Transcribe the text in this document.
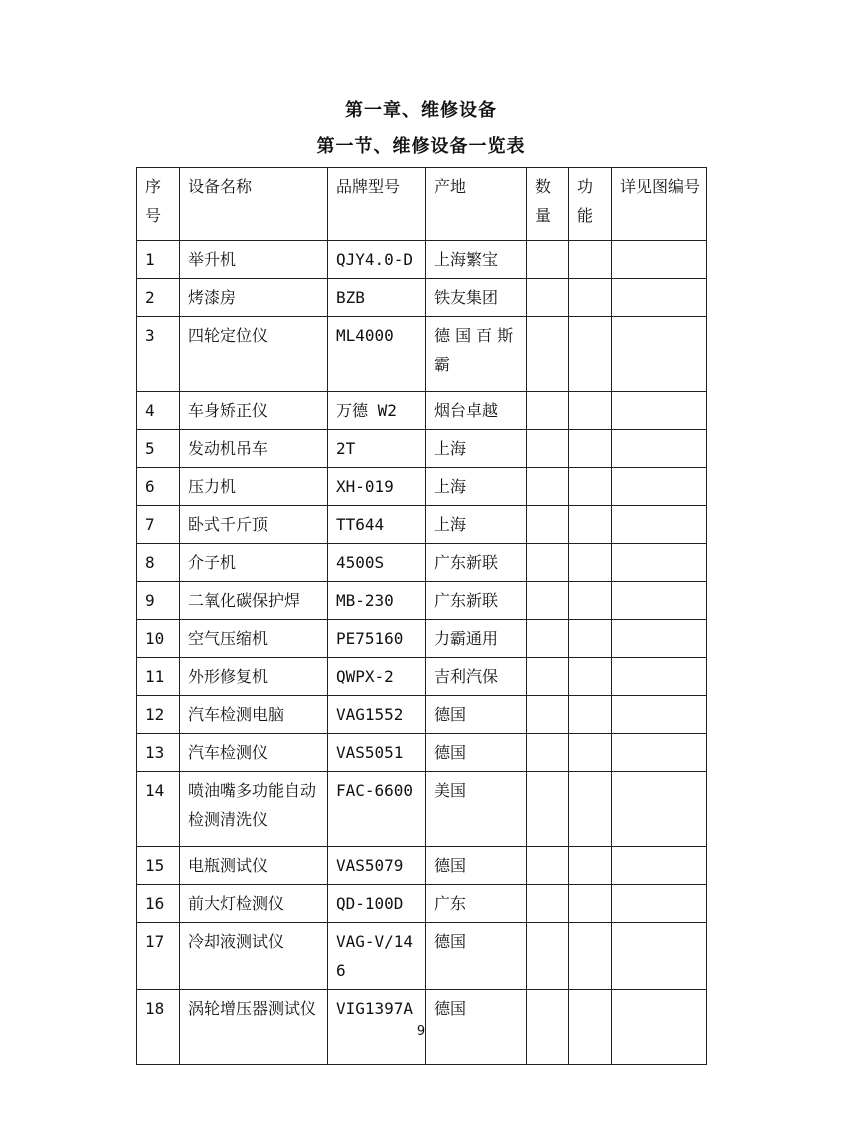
第一章、维修设备
第一节、维修设备一览表
序号	设备名称	品牌型号	产地	数量	功能	详见图编号
1	举升机	QJY4.0-D	上海繁宝			
2	烤漆房	BZB	铁友集团			
3	四轮定位仪	ML4000	德 国 百 斯 霸			
4	车身矫正仪	万德 W2	烟台卓越			
5	发动机吊车	2T	上海			
6	压力机	XH-019	上海			
7	卧式千斤顶	TT644	上海			
8	介子机	4500S	广东新联			
9	二氧化碳保护焊	MB-230	广东新联			
10	空气压缩机	PE75160	力霸通用			
11	外形修复机	QWPX-2	吉利汽保			
12	汽车检测电脑	VAG1552	德国			
13	汽车检测仪	VAS5051	德国			
14	喷油嘴多功能自动检测清洗仪	FAC-6600	美国			
15	电瓶测试仪	VAS5079	德国			
16	前大灯检测仪	QD-100D	广东			
17	冷却液测试仪	VAG-V/146	德国			
18	涡轮增压器测试仪	VIG1397A	德国			
9
